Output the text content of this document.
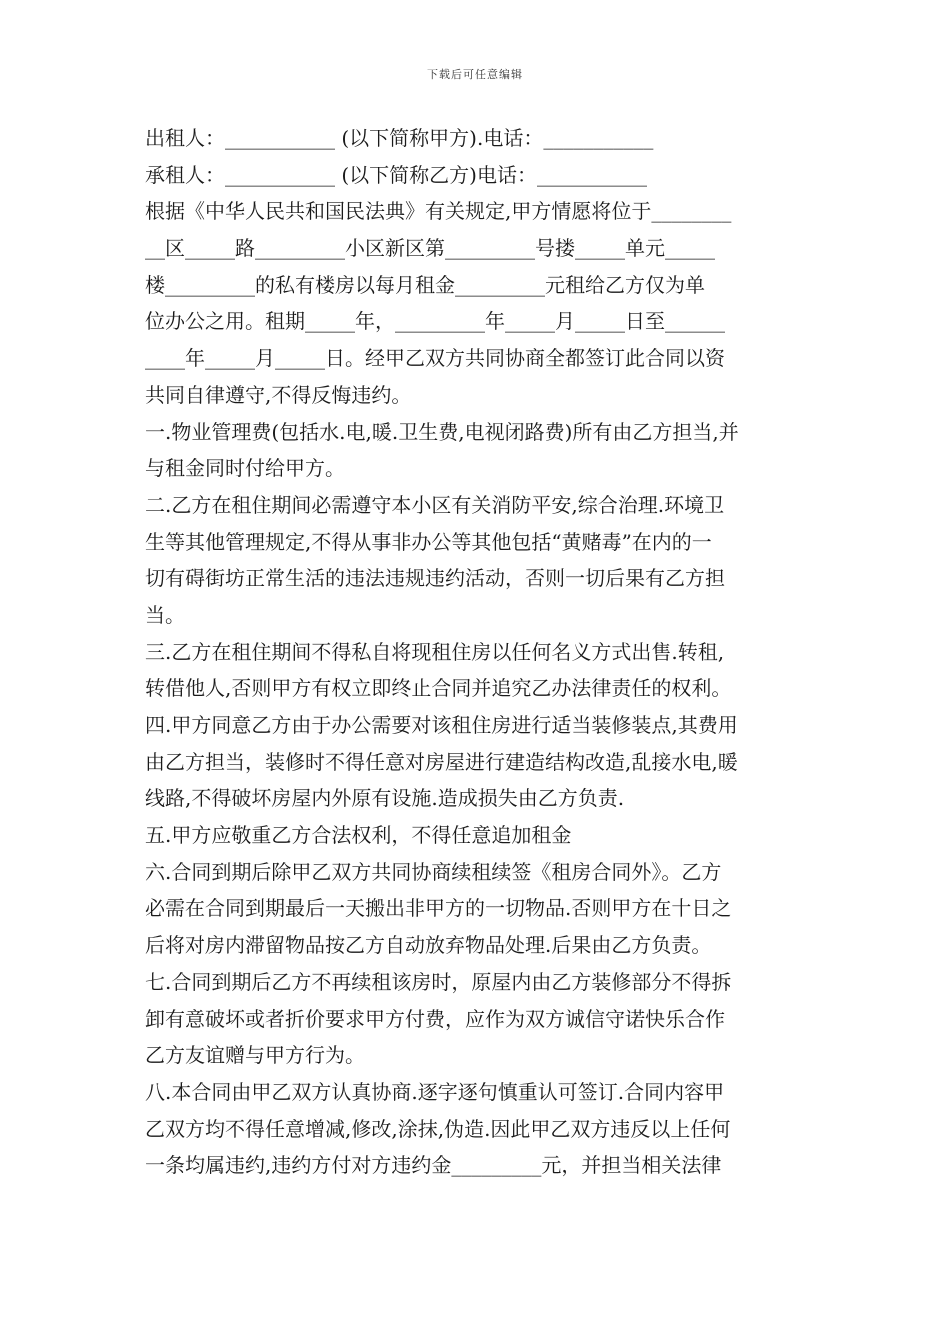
下载后可任意编辑
出租人：___________ (以下简称甲方).电话：___________
承租人：___________ (以下简称乙方)电话：___________
根据《中华人民共和国民法典》有关规定,甲方情愿将位于________
__区_____路_________小区新区第_________号搂_____单元_____
楼_________的私有楼房以每月租金_________元租给乙方仅为单
位办公之用。租期_____年，_________年_____月_____日至______
____年_____月_____日。经甲乙双方共同协商全都签订此合同以资
共同自律遵守,不得反悔违约。
一.物业管理费(包括水.电,暖.卫生费,电视闭路费)所有由乙方担当,并
与租金同时付给甲方。
二.乙方在租住期间必需遵守本小区有关消防平安,综合治理.环境卫
生等其他管理规定,不得从事非办公等其他包括“黄赌毒”在内的一
切有碍街坊正常生活的违法违规违约活动，否则一切后果有乙方担
当。
三.乙方在租住期间不得私自将现租住房以任何名义方式出售.转租,
转借他人,否则甲方有权立即终止合同并追究乙办法律责任的权利。
四.甲方同意乙方由于办公需要对该租住房进行适当装修装点,其费用
由乙方担当，装修时不得任意对房屋进行建造结构改造,乱接水电,暖
线路,不得破坏房屋内外原有设施.造成损失由乙方负责.
五.甲方应敬重乙方合法权利，不得任意追加租金
六.合同到期后除甲乙双方共同协商续租续签《租房合同外》。乙方
必需在合同到期最后一天搬出非甲方的一切物品.否则甲方在十日之
后将对房内滞留物品按乙方自动放弃物品处理.后果由乙方负责。
七.合同到期后乙方不再续租该房时，原屋内由乙方装修部分不得拆
卸有意破坏或者折价要求甲方付费，应作为双方诚信守诺快乐合作
乙方友谊赠与甲方行为。
八.本合同由甲乙双方认真协商.逐字逐句慎重认可签订.合同内容甲
乙双方均不得任意增减,修改,涂抹,伪造.因此甲乙双方违反以上任何
一条均属违约,违约方付对方违约金_________元，并担当相关法律
